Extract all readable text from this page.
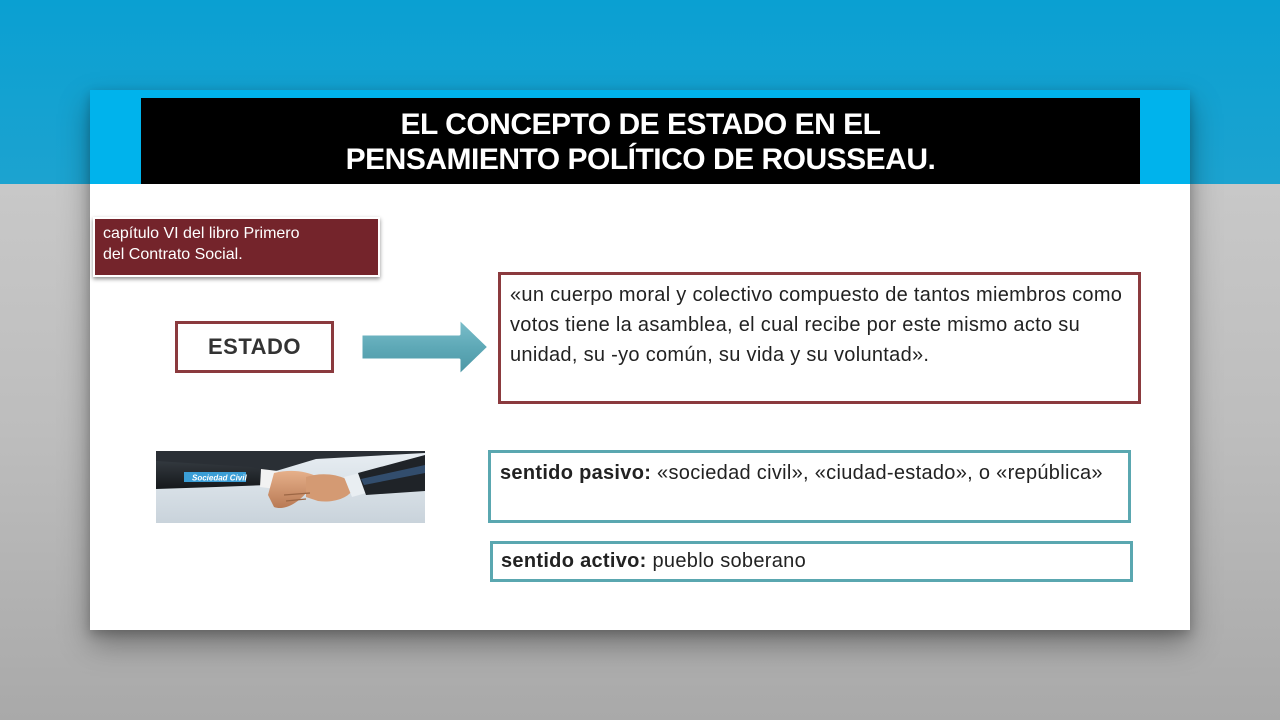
EL CONCEPTO DE ESTADO EN EL
PENSAMIENTO POLÍTICO DE ROUSSEAU.
capítulo VI del libro Primero
del Contrato Social.
ESTADO
«un cuerpo moral y colectivo compuesto de tantos miembros como votos tiene la asamblea, el cual recibe por este mismo acto su unidad, su -yo común, su vida y su voluntad».
Sociedad Civil	sentido pasivo: «sociedad civil», «ciudad-estado», o «república»
sentido activo: pueblo soberano
